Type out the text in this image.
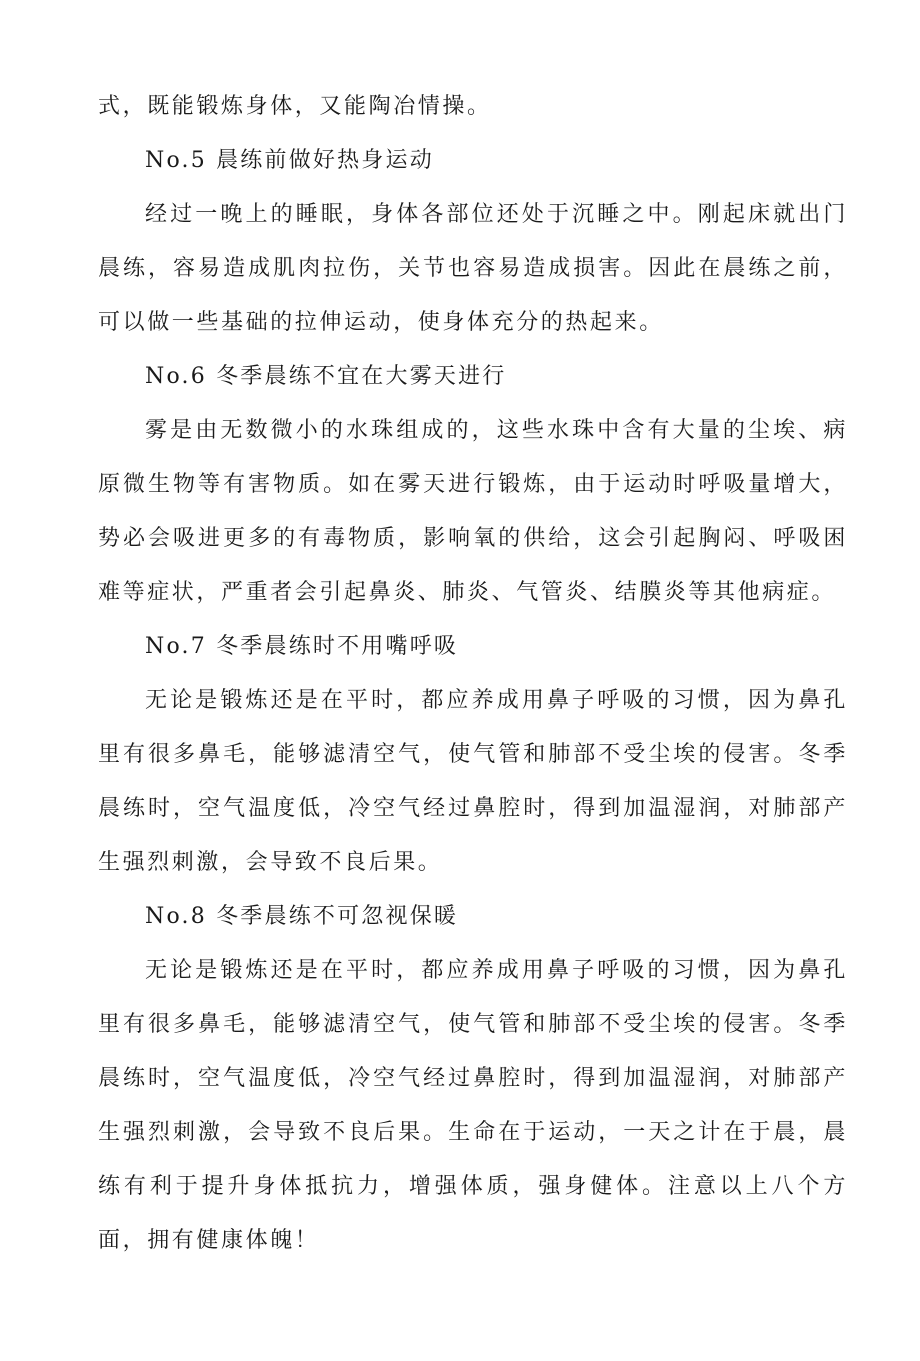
式，既能锻炼身体，又能陶冶情操。

No.5 晨练前做好热身运动

经过一晚上的睡眠，身体各部位还处于沉睡之中。刚起床就出门晨练，容易造成肌肉拉伤，关节也容易造成损害。因此在晨练之前，可以做一些基础的拉伸运动，使身体充分的热起来。

No.6 冬季晨练不宜在大雾天进行

雾是由无数微小的水珠组成的，这些水珠中含有大量的尘埃、病原微生物等有害物质。如在雾天进行锻炼，由于运动时呼吸量增大，势必会吸进更多的有毒物质，影响氧的供给，这会引起胸闷、呼吸困难等症状，严重者会引起鼻炎、肺炎、气管炎、结膜炎等其他病症。

No.7 冬季晨练时不用嘴呼吸

无论是锻炼还是在平时，都应养成用鼻子呼吸的习惯，因为鼻孔里有很多鼻毛，能够滤清空气，使气管和肺部不受尘埃的侵害。冬季晨练时，空气温度低，冷空气经过鼻腔时，得到加温湿润，对肺部产生强烈刺激，会导致不良后果。

No.8 冬季晨练不可忽视保暖

无论是锻炼还是在平时，都应养成用鼻子呼吸的习惯，因为鼻孔里有很多鼻毛，能够滤清空气，使气管和肺部不受尘埃的侵害。冬季晨练时，空气温度低，冷空气经过鼻腔时，得到加温湿润，对肺部产生强烈刺激，会导致不良后果。生命在于运动，一天之计在于晨，晨练有利于提升身体抵抗力，增强体质，强身健体。注意以上八个方面，拥有健康体魄！
